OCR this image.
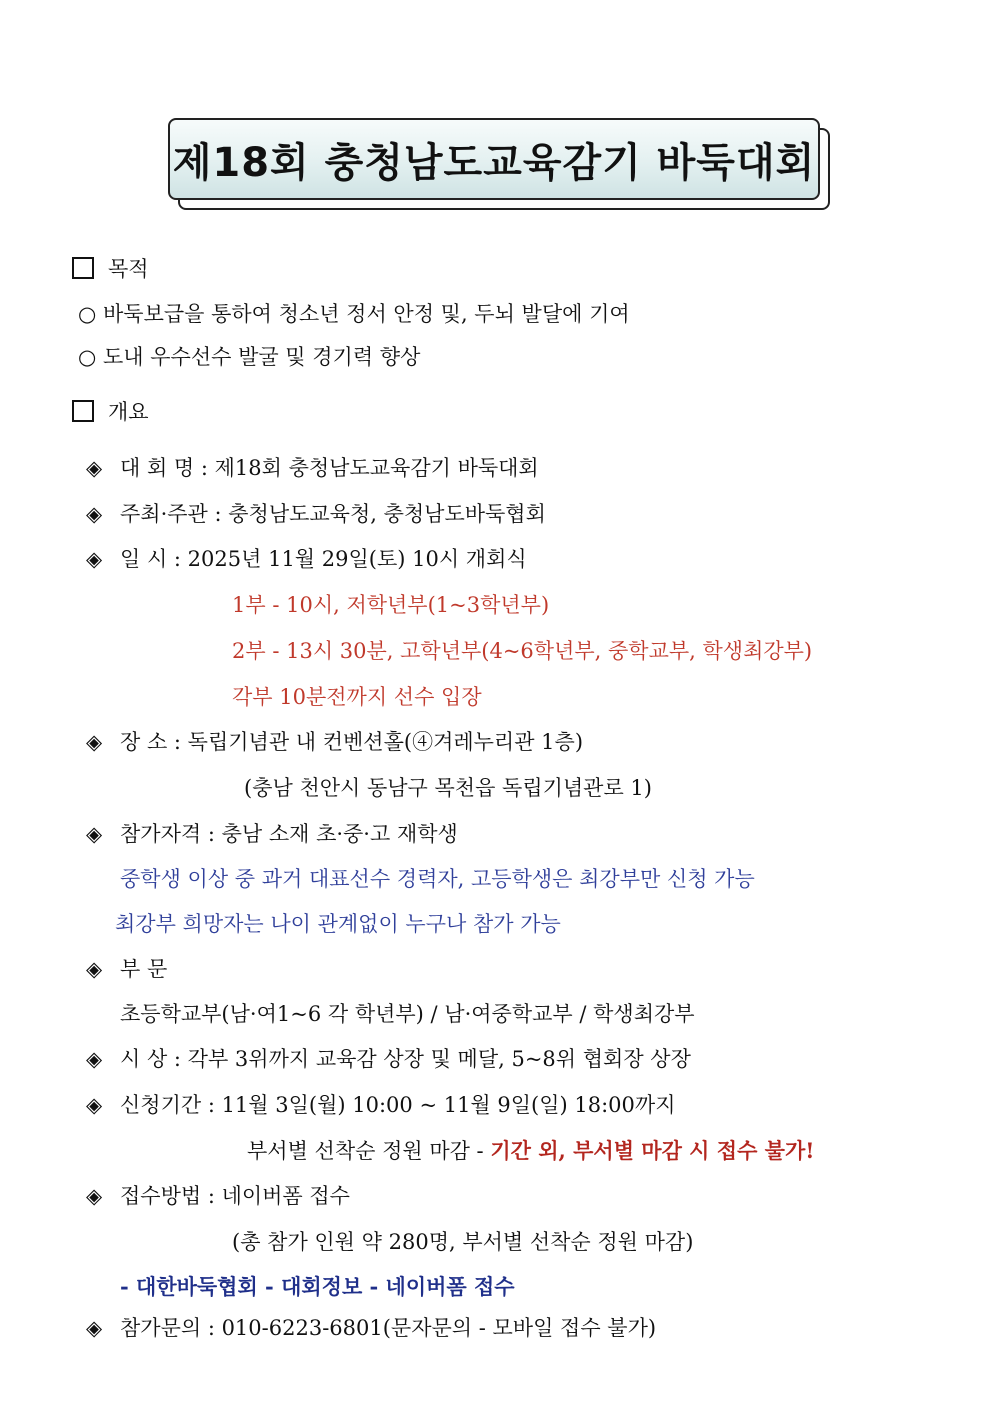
제18회 충청남도교육감기 바둑대회
목적
○ 바둑보급을 통하여 청소년 정서 안정 및, 두뇌 발달에 기여
○ 도내 우수선수 발굴 및 경기력 향상
개요
◈ 대 회 명 : 제18회 충청남도교육감기 바둑대회
◈ 주최·주관 : 충청남도교육청, 충청남도바둑협회
◈ 일 시 : 2025년 11월 29일(토) 10시 개회식
1부 - 10시, 저학년부(1~3학년부)
2부 - 13시 30분, 고학년부(4~6학년부, 중학교부, 학생최강부)
각부 10분전까지 선수 입장
◈ 장 소 : 독립기념관 내 컨벤션홀(④겨레누리관 1층)
(충남 천안시 동남구 목천읍 독립기념관로 1)
◈ 참가자격 : 충남 소재 초·중·고 재학생
중학생 이상 중 과거 대표선수 경력자, 고등학생은 최강부만 신청 가능
최강부 희망자는 나이 관계없이 누구나 참가 가능
◈ 부 문
초등학교부(남·여1~6 각 학년부) / 남·여중학교부 / 학생최강부
◈ 시 상 : 각부 3위까지 교육감 상장 및 메달, 5~8위 협회장 상장
◈ 신청기간 : 11월 3일(월) 10:00 ~ 11월 9일(일) 18:00까지
부서별 선착순 정원 마감 - 기간 외, 부서별 마감 시 접수 불가!
◈ 접수방법 : 네이버폼 접수
(총 참가 인원 약 280명, 부서별 선착순 정원 마감)
- 대한바둑협회 - 대회정보 - 네이버폼 접수
◈ 참가문의 : 010-6223-6801(문자문의 - 모바일 접수 불가)
